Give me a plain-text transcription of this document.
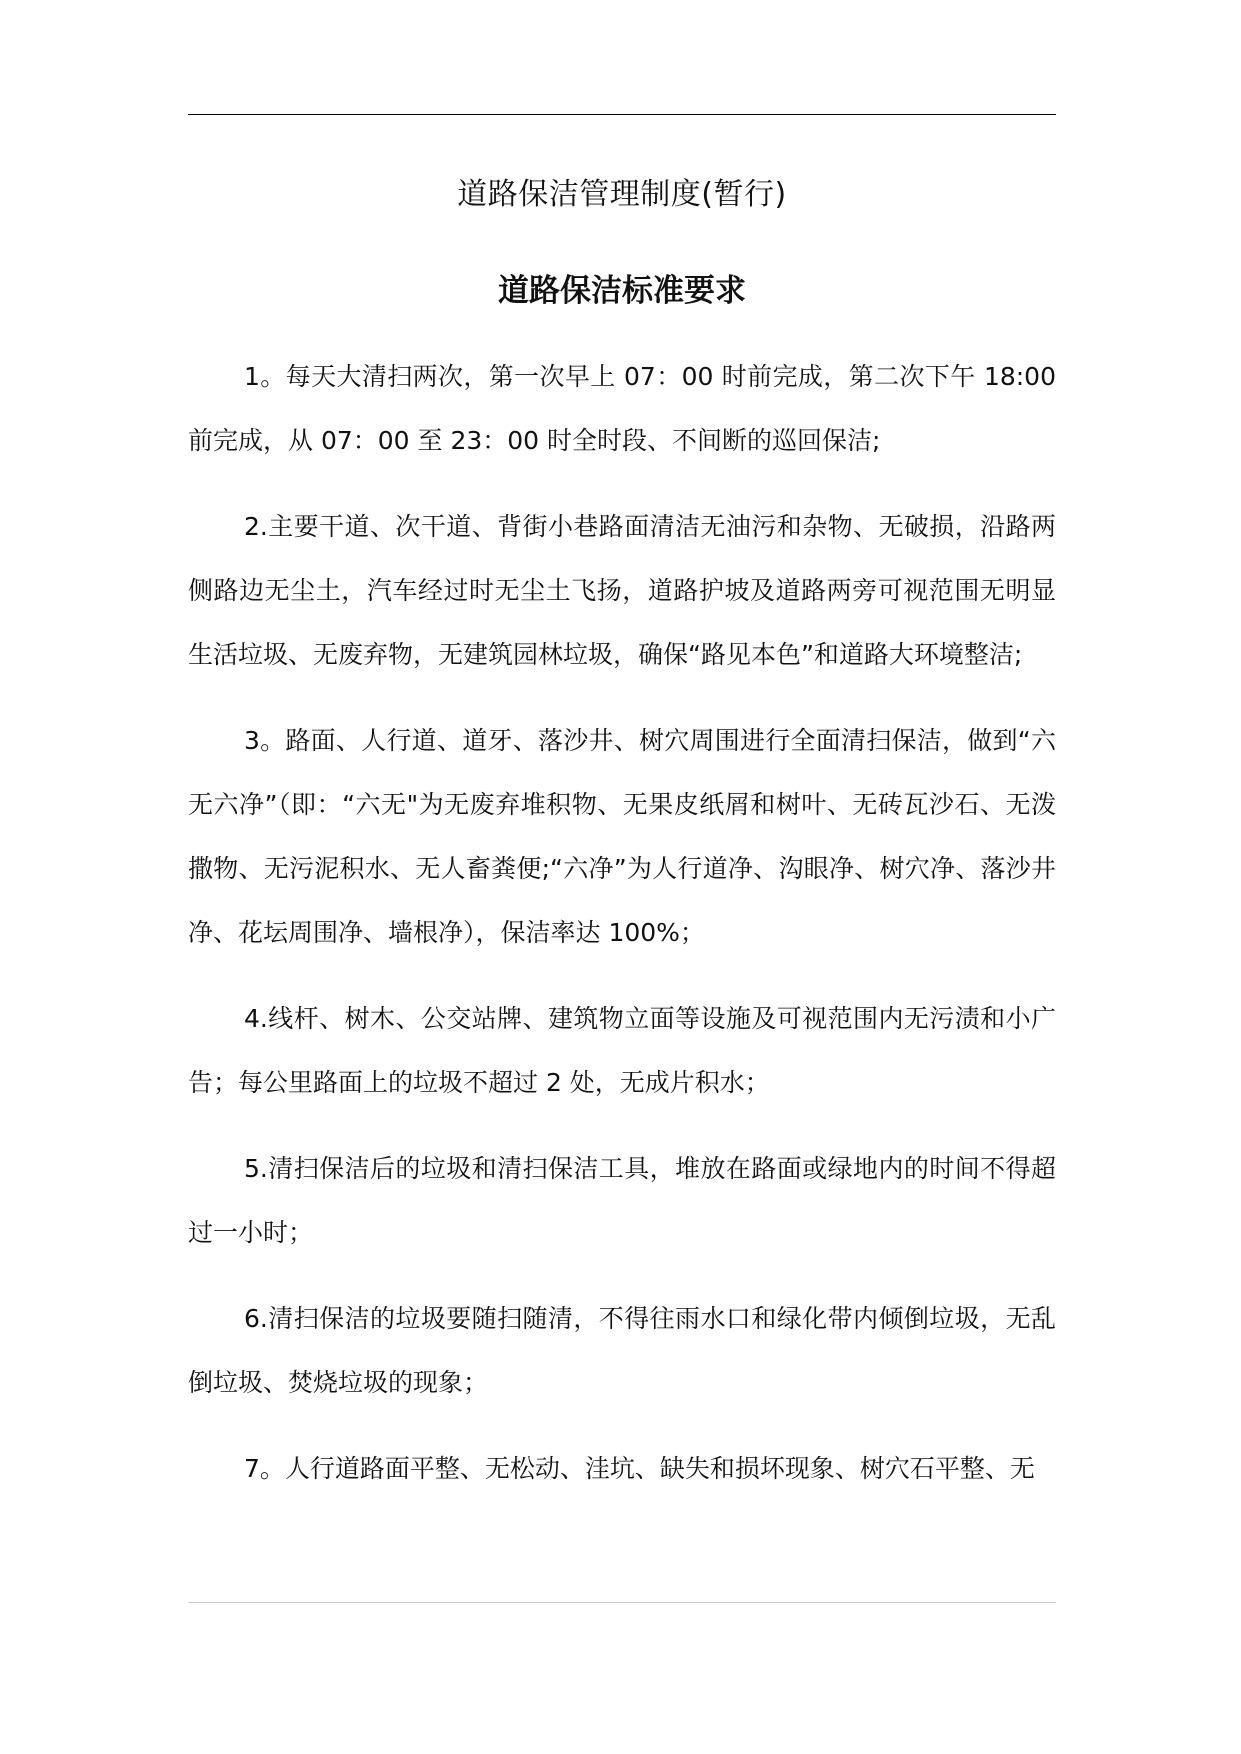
道路保洁管理制度(暂行)
道路保洁标准要求

1。每天大清扫两次，第一次早上 07：00 时前完成，第二次下午 18:00 前完成，从 07：00 至 23：00 时全时段、不间断的巡回保洁;

2.主要干道、次干道、背街小巷路面清洁无油污和杂物、无破损，沿路两侧路边无尘土，汽车经过时无尘土飞扬，道路护坡及道路两旁可视范围无明显生活垃圾、无废弃物，无建筑园林垃圾，确保“路见本色”和道路大环境整洁;

3。路面、人行道、道牙、落沙井、树穴周围进行全面清扫保洁，做到“六无六净”（即：“六无"为无废弃堆积物、无果皮纸屑和树叶、无砖瓦沙石、无泼撒物、无污泥积水、无人畜粪便;“六净”为人行道净、沟眼净、树穴净、落沙井净、花坛周围净、墙根净），保洁率达 100%；

4.线杆、树木、公交站牌、建筑物立面等设施及可视范围内无污渍和小广告；每公里路面上的垃圾不超过 2 处，无成片积水；

5.清扫保洁后的垃圾和清扫保洁工具，堆放在路面或绿地内的时间不得超过一小时；

6.清扫保洁的垃圾要随扫随清，不得往雨水口和绿化带内倾倒垃圾，无乱倒垃圾、焚烧垃圾的现象；

7。人行道路面平整、无松动、洼坑、缺失和损坏现象、树穴石平整、无
